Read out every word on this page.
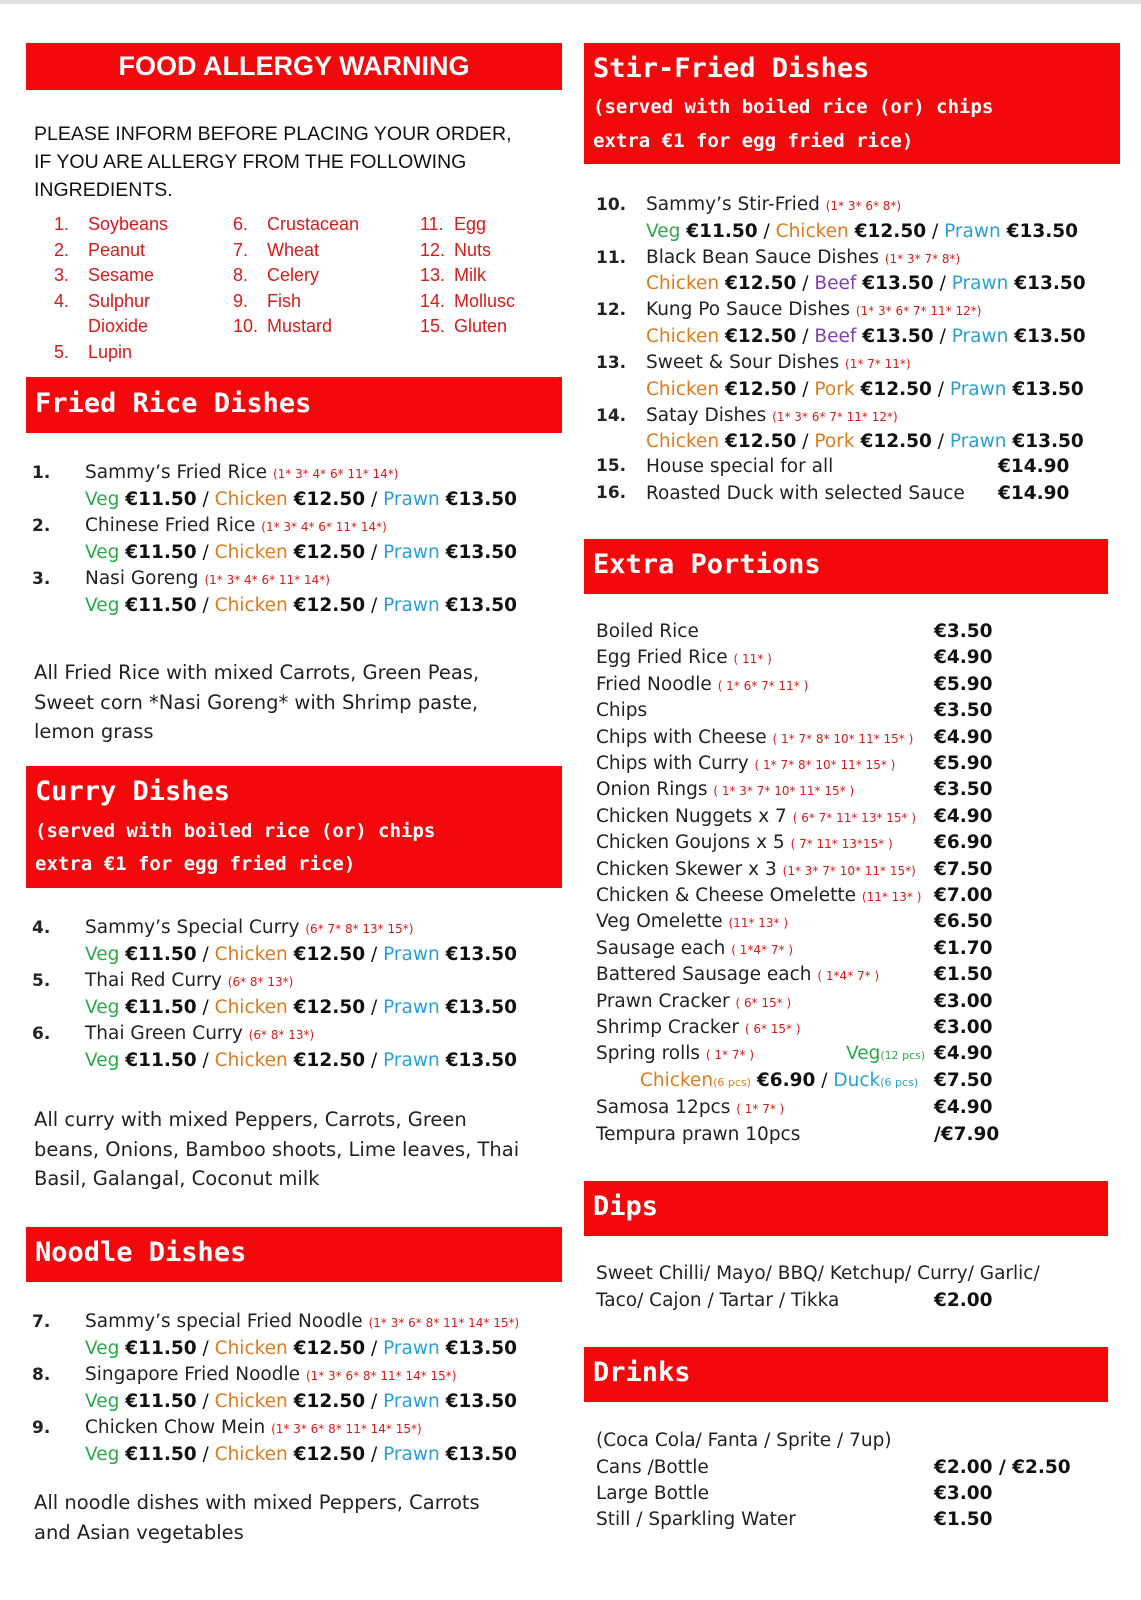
FOOD ALLERGY WARNING
PLEASE INFORM BEFORE PLACING YOUR ORDER,
IF YOU ARE ALLERGY FROM THE FOLLOWING
INGREDIENTS.
1. Soybeans
2. Peanut
3. Sesame
4. Sulphur
Dioxide
5. Lupin
6. Crustacean
7. Wheat
8. Celery
9. Fish
10. Mustard
11. Egg
12. Nuts
13. Milk
14. Mollusc
15. Gluten
Fried Rice Dishes
1. Sammy’s Fried Rice (1* 3* 4* 6* 11* 14*)
Veg €11.50 / Chicken €12.50 / Prawn €13.50
2. Chinese Fried Rice (1* 3* 4* 6* 11* 14*)
Veg €11.50 / Chicken €12.50 / Prawn €13.50
3. Nasi Goreng (1* 3* 4* 6* 11* 14*)
Veg €11.50 / Chicken €12.50 / Prawn €13.50
All Fried Rice with mixed Carrots, Green Peas,
Sweet corn *Nasi Goreng* with Shrimp paste,
lemon grass
Curry Dishes
(served with boiled rice (or) chips
extra €1 for egg fried rice)
4. Sammy’s Special Curry (6* 7* 8* 13* 15*)
Veg €11.50 / Chicken €12.50 / Prawn €13.50
5. Thai Red Curry (6* 8* 13*)
Veg €11.50 / Chicken €12.50 / Prawn €13.50
6. Thai Green Curry (6* 8* 13*)
Veg €11.50 / Chicken €12.50 / Prawn €13.50
All curry with mixed Peppers, Carrots, Green
beans, Onions, Bamboo shoots, Lime leaves, Thai
Basil, Galangal, Coconut milk
Noodle Dishes
7. Sammy’s special Fried Noodle (1* 3* 6* 8* 11* 14* 15*)
Veg €11.50 / Chicken €12.50 / Prawn €13.50
8. Singapore Fried Noodle (1* 3* 6* 8* 11* 14* 15*)
Veg €11.50 / Chicken €12.50 / Prawn €13.50
9. Chicken Chow Mein (1* 3* 6* 8* 11* 14* 15*)
Veg €11.50 / Chicken €12.50 / Prawn €13.50
All noodle dishes with mixed Peppers, Carrots
and Asian vegetables
Stir-Fried Dishes
(served with boiled rice (or) chips
extra €1 for egg fried rice)
10. Sammy’s Stir-Fried (1* 3* 6* 8*)
Veg €11.50 / Chicken €12.50 / Prawn €13.50
11. Black Bean Sauce Dishes (1* 3* 7* 8*)
Chicken €12.50 / Beef €13.50 / Prawn €13.50
12. Kung Po Sauce Dishes (1* 3* 6* 7* 11* 12*)
Chicken €12.50 / Beef €13.50 / Prawn €13.50
13. Sweet & Sour Dishes (1* 7* 11*)
Chicken €12.50 / Pork €12.50 / Prawn €13.50
14. Satay Dishes (1* 3* 6* 7* 11* 12*)
Chicken €12.50 / Pork €12.50 / Prawn €13.50
15. House special for all	€14.90
16. Roasted Duck with selected Sauce €14.90
Extra Portions
Boiled Rice	€3.50
Egg Fried Rice ( 11* )	€4.90
Fried Noodle ( 1* 6* 7* 11* )	€5.90
Chips	€3.50
Chips with Cheese ( 1* 7* 8* 10* 11* 15* ) €4.90
Chips with Curry ( 1* 7* 8* 10* 11* 15* ) €5.90
Onion Rings ( 1* 3* 7* 10* 11* 15* )	€3.50
Chicken Nuggets x 7 ( 6* 7* 11* 13* 15* ) €4.90
Chicken Goujons x 5 ( 7* 11* 13*15* ) €6.90
Chicken Skewer x 3 (1* 3* 7* 10* 11* 15*) €7.50
Chicken & Cheese Omelette (11* 13* ) €7.00
Veg Omelette (11* 13* )	€6.50
Sausage each ( 1*4* 7* )	€1.70
Battered Sausage each ( 1*4* 7* )	€1.50
Prawn Cracker ( 6* 15* )	€3.00
Shrimp Cracker ( 6* 15* )	€3.00
Spring rolls ( 1* 7* )	Veg(12 pcs) €4.90
Chicken(6 pcs) €6.90 / Duck(6 pcs) €7.50
Samosa 12pcs ( 1* 7* )	€4.90
Tempura prawn 10pcs	/€7.90
Dips
Sweet Chilli/ Mayo/ BBQ/ Ketchup/ Curry/ Garlic/
Taco/ Cajon / Tartar / Tikka	€2.00
Drinks
(Coca Cola/ Fanta / Sprite / 7up)
Cans /Bottle	€2.00 / €2.50
Large Bottle	€3.00
Still / Sparkling Water	€1.50
